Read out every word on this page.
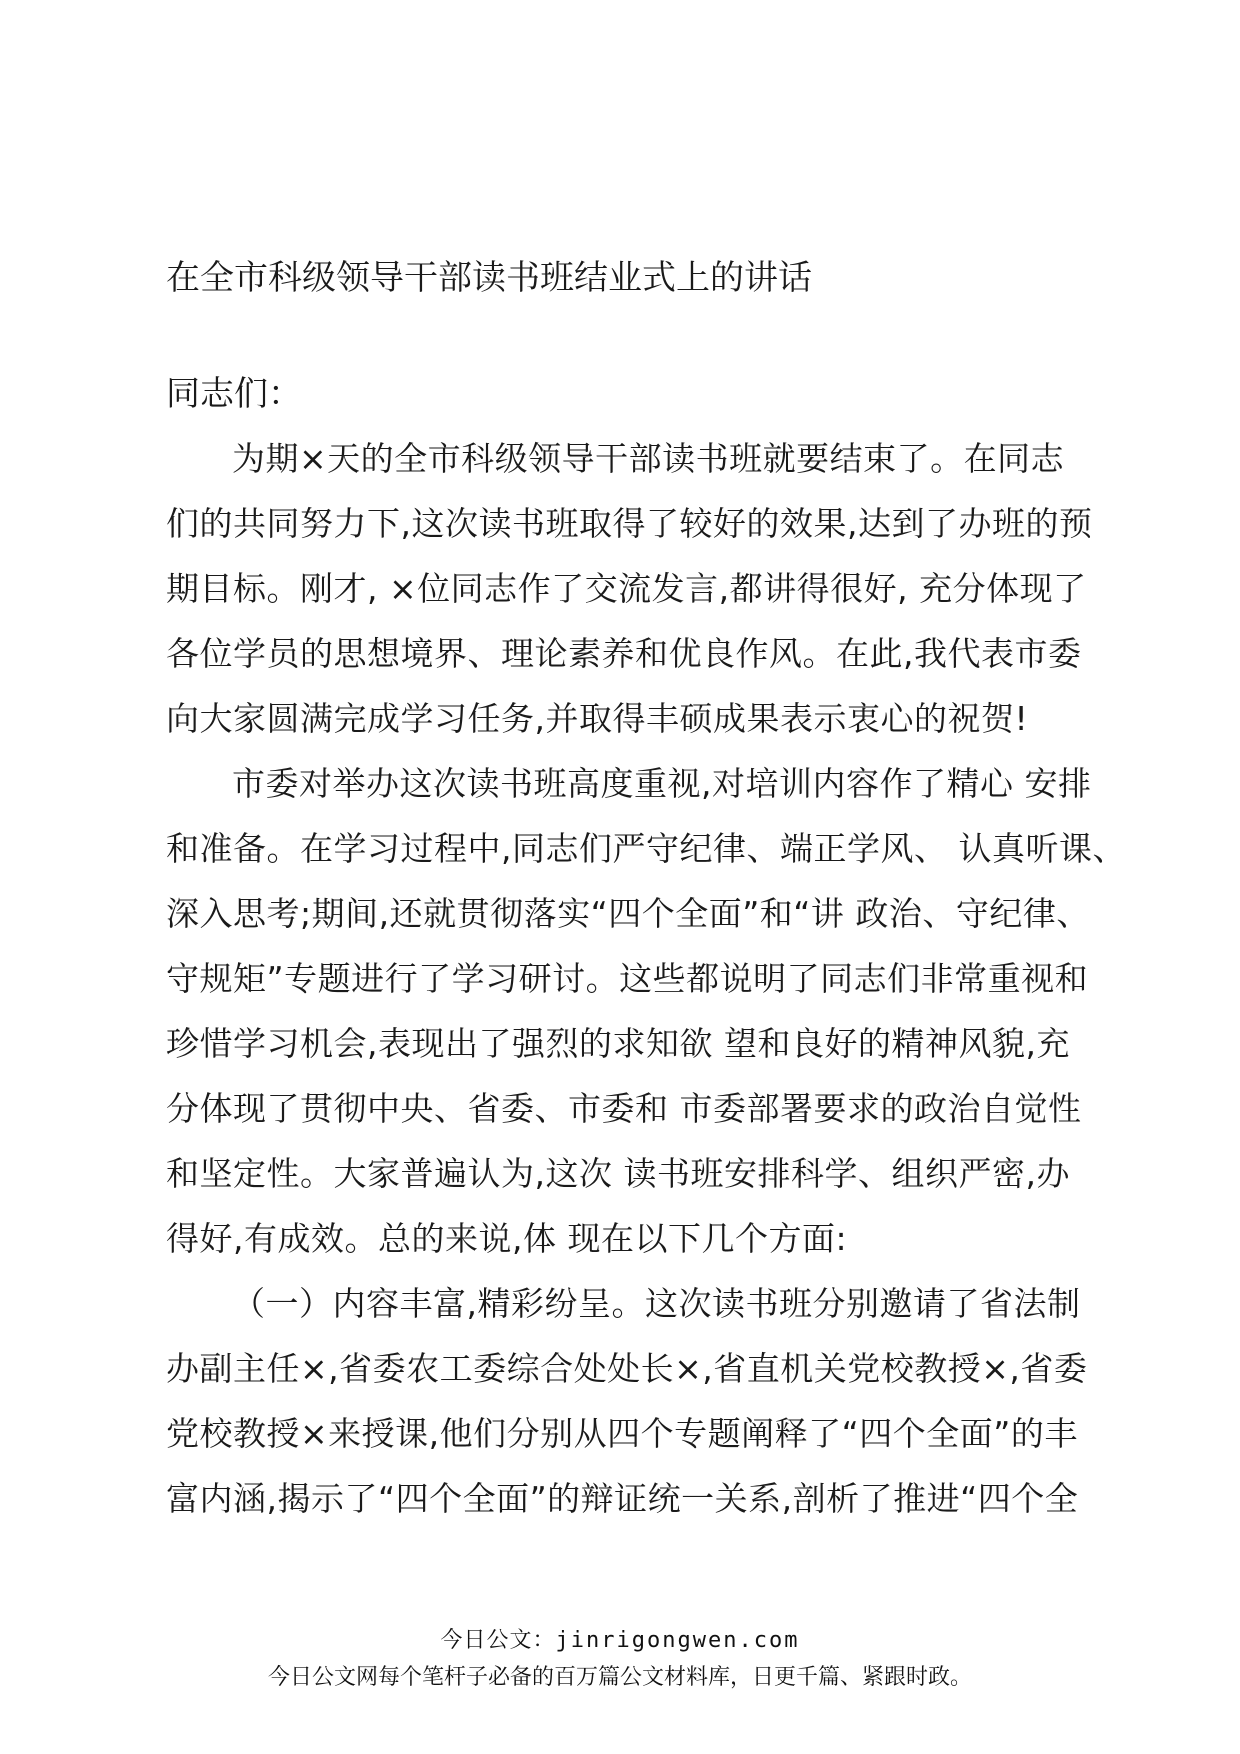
在全市科级领导干部读书班结业式上的讲话
同志们：
为期×天的全市科级领导干部读书班就要结束了。在同志
们的共同努力下,这次读书班取得了较好的效果,达到了办班的预
期目标。刚才, ×位同志作了交流发言,都讲得很好, 充分体现了
各位学员的思想境界、理论素养和优良作风。在此,我代表市委
向大家圆满完成学习任务,并取得丰硕成果表示衷心的祝贺!
市委对举办这次读书班高度重视,对培训内容作了精心 安排
和准备。在学习过程中,同志们严守纪律、端正学风、 认真听课、
深入思考;期间,还就贯彻落实“四个全面”和“讲 政治、守纪律、
守规矩”专题进行了学习研讨。这些都说明了同志们非常重视和
珍惜学习机会,表现出了强烈的求知欲 望和良好的精神风貌,充
分体现了贯彻中央、省委、市委和 市委部署要求的政治自觉性
和坚定性。大家普遍认为,这次 读书班安排科学、组织严密,办
得好,有成效。总的来说,体 现在以下几个方面:
（一）内容丰富,精彩纷呈。这次读书班分别邀请了省法制
办副主任×,省委农工委综合处处长×,省直机关党校教授×,省委
党校教授×来授课,他们分别从四个专题阐释了“四个全面”的丰
富内涵,揭示了“四个全面”的辩证统一关系,剖析了推进“四个全
今日公文：jinrigongwen.com
今日公文网每个笔杆子必备的百万篇公文材料库，日更千篇、紧跟时政。
